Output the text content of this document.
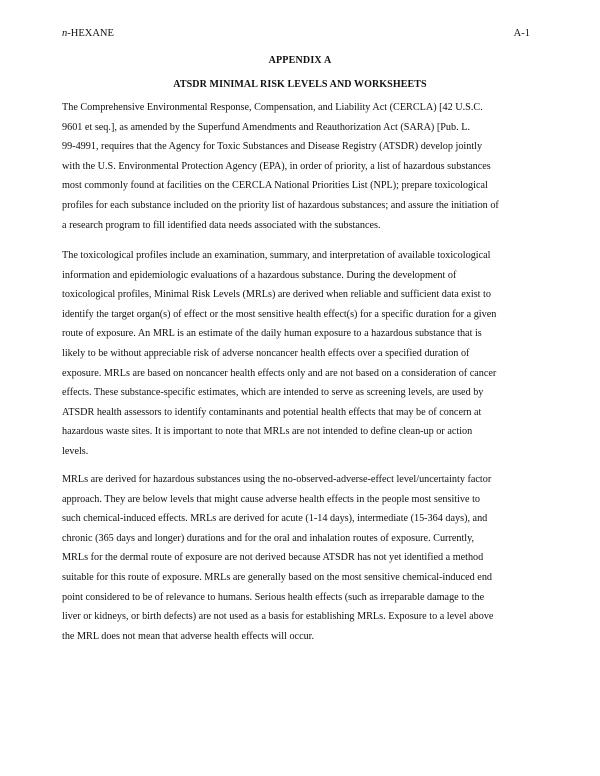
n-HEXANE	A-1
APPENDIX A
ATSDR MINIMAL RISK LEVELS AND WORKSHEETS

The Comprehensive Environmental Response, Compensation, and Liability Act (CERCLA) [42 U.S.C.
9601 et seq.], as amended by the Superfund Amendments and Reauthorization Act (SARA) [Pub. L.
99-4991, requires that the Agency for Toxic Substances and Disease Registry (ATSDR) develop jointly
with the U.S. Environmental Protection Agency (EPA), in order of priority, a list of hazardous substances
most commonly found at facilities on the CERCLA National Priorities List (NPL); prepare toxicological
profiles for each substance included on the priority list of hazardous substances; and assure the initiation of
a research program to fill identified data needs associated with the substances.

The toxicological profiles include an examination, summary, and interpretation of available toxicological
information and epidemiologic evaluations of a hazardous substance. During the development of
toxicological profiles, Minimal Risk Levels (MRLs) are derived when reliable and sufficient data exist to
identify the target organ(s) of effect or the most sensitive health effect(s) for a specific duration for a given
route of exposure. An MRL is an estimate of the daily human exposure to a hazardous substance that is
likely to be without appreciable risk of adverse noncancer health effects over a specified duration of
exposure. MRLs are based on noncancer health effects only and are not based on a consideration of cancer
effects. These substance-specific estimates, which are intended to serve as screening levels, are used by
ATSDR health assessors to identify contaminants and potential health effects that may be of concern at
hazardous waste sites. It is important to note that MRLs are not intended to define clean-up or action
levels.

MRLs are derived for hazardous substances using the no-observed-adverse-effect level/uncertainty factor
approach. They are below levels that might cause adverse health effects in the people most sensitive to
such chemical-induced effects. MRLs are derived for acute (1-14 days), intermediate (15-364 days), and
chronic (365 days and longer) durations and for the oral and inhalation routes of exposure. Currently,
MRLs for the dermal route of exposure are not derived because ATSDR has not yet identified a method
suitable for this route of exposure. MRLs are generally based on the most sensitive chemical-induced end
point considered to be of relevance to humans. Serious health effects (such as irreparable damage to the
liver or kidneys, or birth defects) are not used as a basis for establishing MRLs. Exposure to a level above
the MRL does not mean that adverse health effects will occur.
